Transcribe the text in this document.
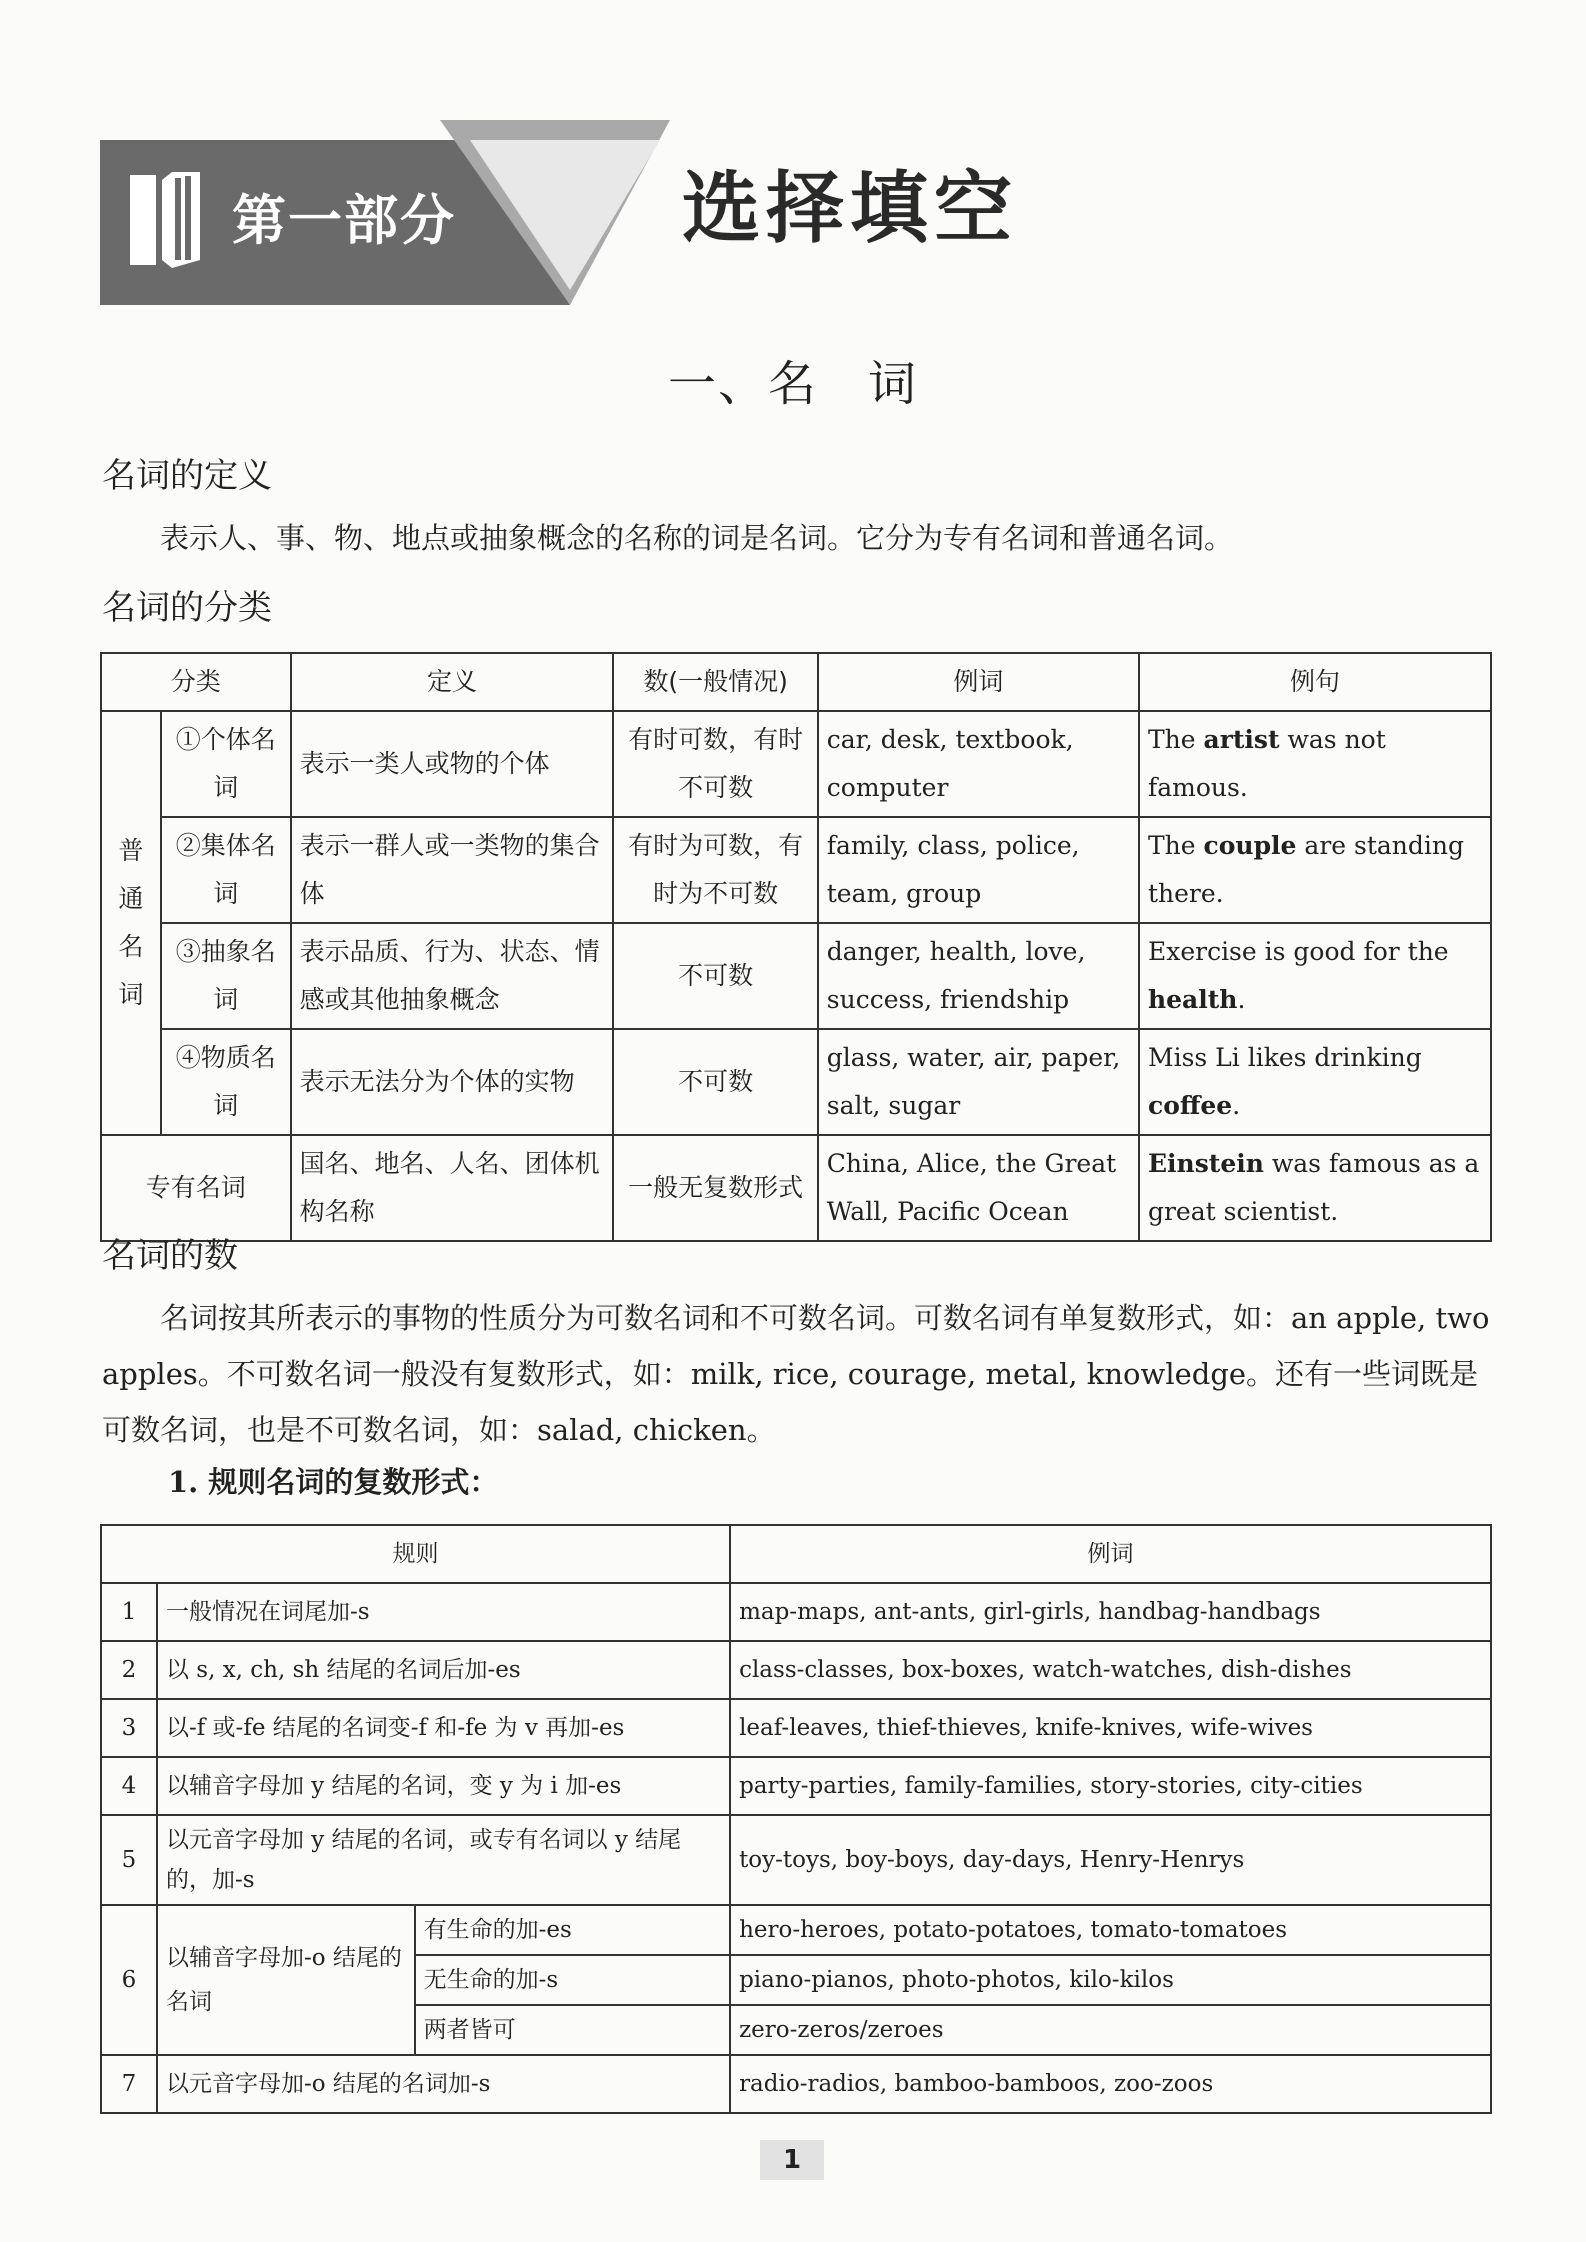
第一部分	选择填空
一、名　词
名词的定义

表示人、事、物、地点或抽象概念的名称的词是名词。它分为专有名词和普通名词。

名词的分类
分类		定义	数(一般情况)	例词	例句
普通名词	①个体名词	表示一类人或物的个体	有时可数，有时不可数	car, desk, textbook, computer	The artist was not famous.
	②集体名词	表示一群人或一类物的集合体	有时为可数，有时为不可数	family, class, police, team, group	The couple are standing there.
	③抽象名词	表示品质、行为、状态、情感或其他抽象概念	不可数	danger, health, love, success, friendship	Exercise is good for the health.
	④物质名词	表示无法分为个体的实物	不可数	glass, water, air, paper, salt, sugar	Miss Li likes drinking coffee.
专有名词		国名、地名、人名、团体机构名称	一般无复数形式	China, Alice, the Great Wall, Pacific Ocean	Einstein was famous as a great scientist.
名词的数

名词按其所表示的事物的性质分为可数名词和不可数名词。可数名词有单复数形式，如：an apple, two apples。不可数名词一般没有复数形式，如：milk, rice, courage, metal, knowledge。还有一些词既是可数名词，也是不可数名词，如：salad, chicken。

1. 规则名词的复数形式：

规则			例词
1	一般情况在词尾加-s		map-maps, ant-ants, girl-girls, handbag-handbags
2	以 s, x, ch, sh 结尾的名词后加-es		class-classes, box-boxes, watch-watches, dish-dishes
3	以-f 或-fe 结尾的名词变-f 和-fe 为 v 再加-es		leaf-leaves, thief-thieves, knife-knives, wife-wives
4	以辅音字母加 y 结尾的名词，变 y 为 i 加-es		party-parties, family-families, story-stories, city-cities
5	以元音字母加 y 结尾的名词，或专有名词以 y 结尾的，加-s		toy-toys, boy-boys, day-days, Henry-Henrys
6	以辅音字母加-o 结尾的名词	有生命的加-es	hero-heroes, potato-potatoes, tomato-tomatoes
		无生命的加-s	piano-pianos, photo-photos, kilo-kilos
		两者皆可	zero-zeros/zeroes
7	以元音字母加-o 结尾的名词加-s		radio-radios, bamboo-bamboos, zoo-zoos
1
